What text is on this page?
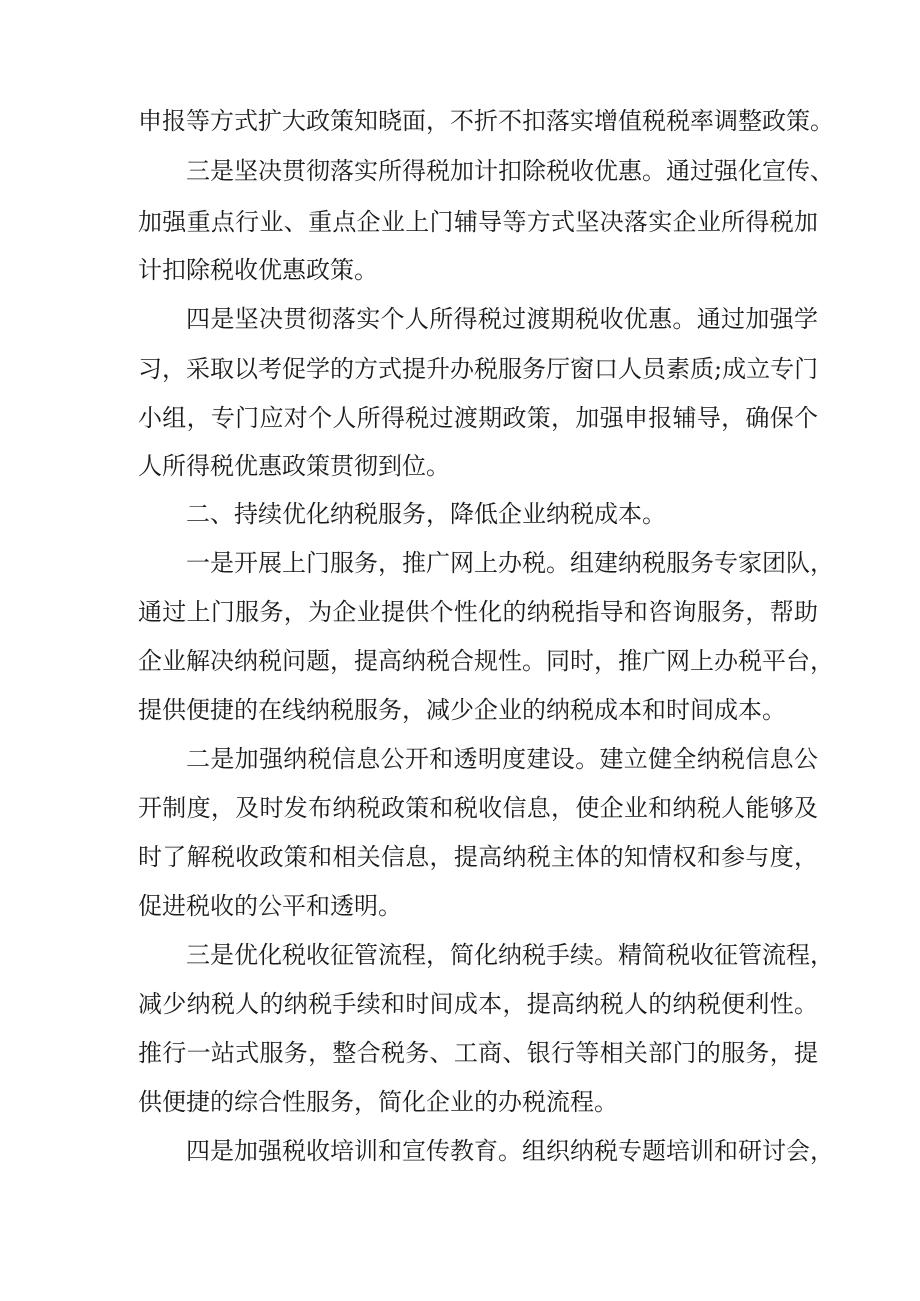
申报等方式扩大政策知晓面，不折不扣落实增值税税率调整政策。
三是坚决贯彻落实所得税加计扣除税收优惠。通过强化宣传、
加强重点行业、重点企业上门辅导等方式坚决落实企业所得税加
计扣除税收优惠政策。
四是坚决贯彻落实个人所得税过渡期税收优惠。通过加强学
习，采取以考促学的方式提升办税服务厅窗口人员素质;成立专门
小组，专门应对个人所得税过渡期政策，加强申报辅导，确保个
人所得税优惠政策贯彻到位。
二、持续优化纳税服务，降低企业纳税成本。
一是开展上门服务，推广网上办税。组建纳税服务专家团队，
通过上门服务，为企业提供个性化的纳税指导和咨询服务，帮助
企业解决纳税问题，提高纳税合规性。同时，推广网上办税平台，
提供便捷的在线纳税服务，减少企业的纳税成本和时间成本。
二是加强纳税信息公开和透明度建设。建立健全纳税信息公
开制度，及时发布纳税政策和税收信息，使企业和纳税人能够及
时了解税收政策和相关信息，提高纳税主体的知情权和参与度，
促进税收的公平和透明。
三是优化税收征管流程，简化纳税手续。精简税收征管流程，
减少纳税人的纳税手续和时间成本，提高纳税人的纳税便利性。
推行一站式服务，整合税务、工商、银行等相关部门的服务，提
供便捷的综合性服务，简化企业的办税流程。
四是加强税收培训和宣传教育。组织纳税专题培训和研讨会，
